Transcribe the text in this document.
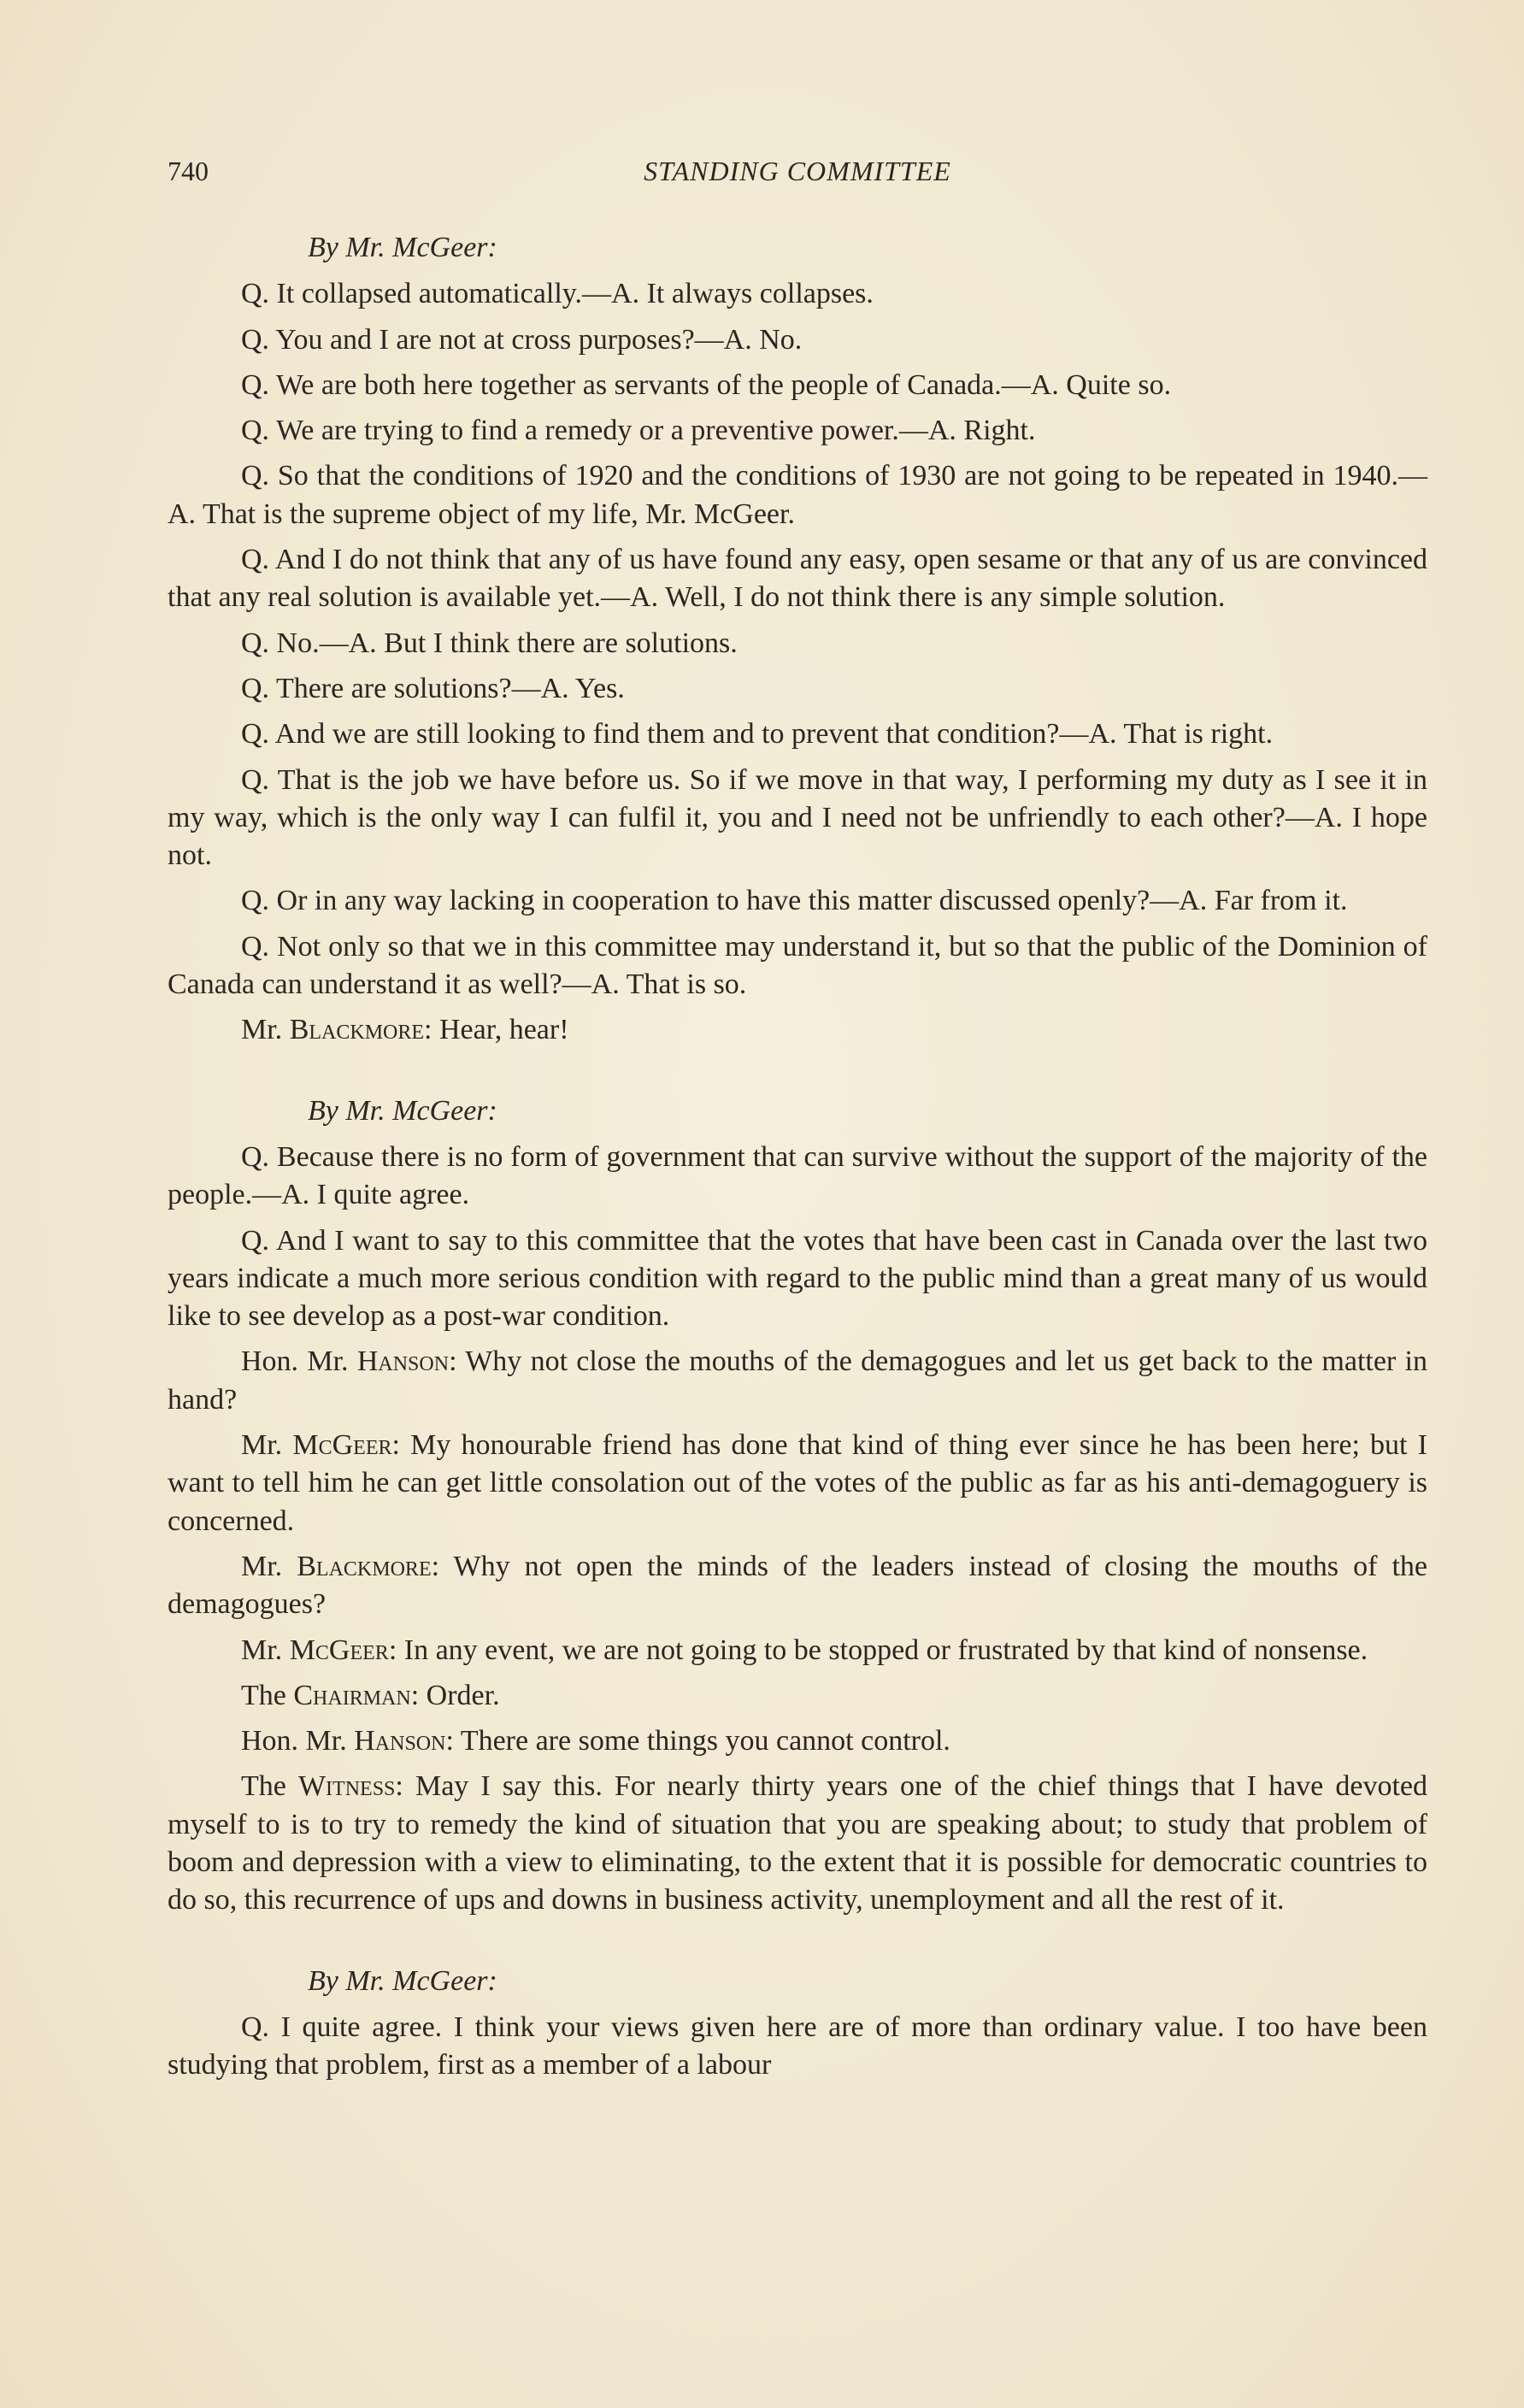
740	STANDING COMMITTEE
By Mr. McGeer:
Q. It collapsed automatically.—A. It always collapses.
Q. You and I are not at cross purposes?—A. No.
Q. We are both here together as servants of the people of Canada.—A. Quite so.
Q. We are trying to find a remedy or a preventive power.—A. Right.
Q. So that the conditions of 1920 and the conditions of 1930 are not going to be repeated in 1940.—A. That is the supreme object of my life, Mr. McGeer.
Q. And I do not think that any of us have found any easy, open sesame or that any of us are convinced that any real solution is available yet.—A. Well, I do not think there is any simple solution.
Q. No.—A. But I think there are solutions.
Q. There are solutions?—A. Yes.
Q. And we are still looking to find them and to prevent that condition?—A. That is right.
Q. That is the job we have before us. So if we move in that way, I performing my duty as I see it in my way, which is the only way I can fulfil it, you and I need not be unfriendly to each other?—A. I hope not.
Q. Or in any way lacking in cooperation to have this matter discussed openly?—A. Far from it.
Q. Not only so that we in this committee may understand it, but so that the public of the Dominion of Canada can understand it as well?—A. That is so.
Mr. Blackmore: Hear, hear!
By Mr. McGeer:
Q. Because there is no form of government that can survive without the support of the majority of the people.—A. I quite agree.
Q. And I want to say to this committee that the votes that have been cast in Canada over the last two years indicate a much more serious condition with regard to the public mind than a great many of us would like to see develop as a post-war condition.
Hon. Mr. Hanson: Why not close the mouths of the demagogues and let us get back to the matter in hand?
Mr. McGeer: My honourable friend has done that kind of thing ever since he has been here; but I want to tell him he can get little consolation out of the votes of the public as far as his anti-demagoguery is concerned.
Mr. Blackmore: Why not open the minds of the leaders instead of closing the mouths of the demagogues?
Mr. McGeer: In any event, we are not going to be stopped or frustrated by that kind of nonsense.
The Chairman: Order.
Hon. Mr. Hanson: There are some things you cannot control.
The Witness: May I say this. For nearly thirty years one of the chief things that I have devoted myself to is to try to remedy the kind of situation that you are speaking about; to study that problem of boom and depression with a view to eliminating, to the extent that it is possible for democratic countries to do so, this recurrence of ups and downs in business activity, unemployment and all the rest of it.
By Mr. McGeer:
Q. I quite agree. I think your views given here are of more than ordinary value. I too have been studying that problem, first as a member of a labour
